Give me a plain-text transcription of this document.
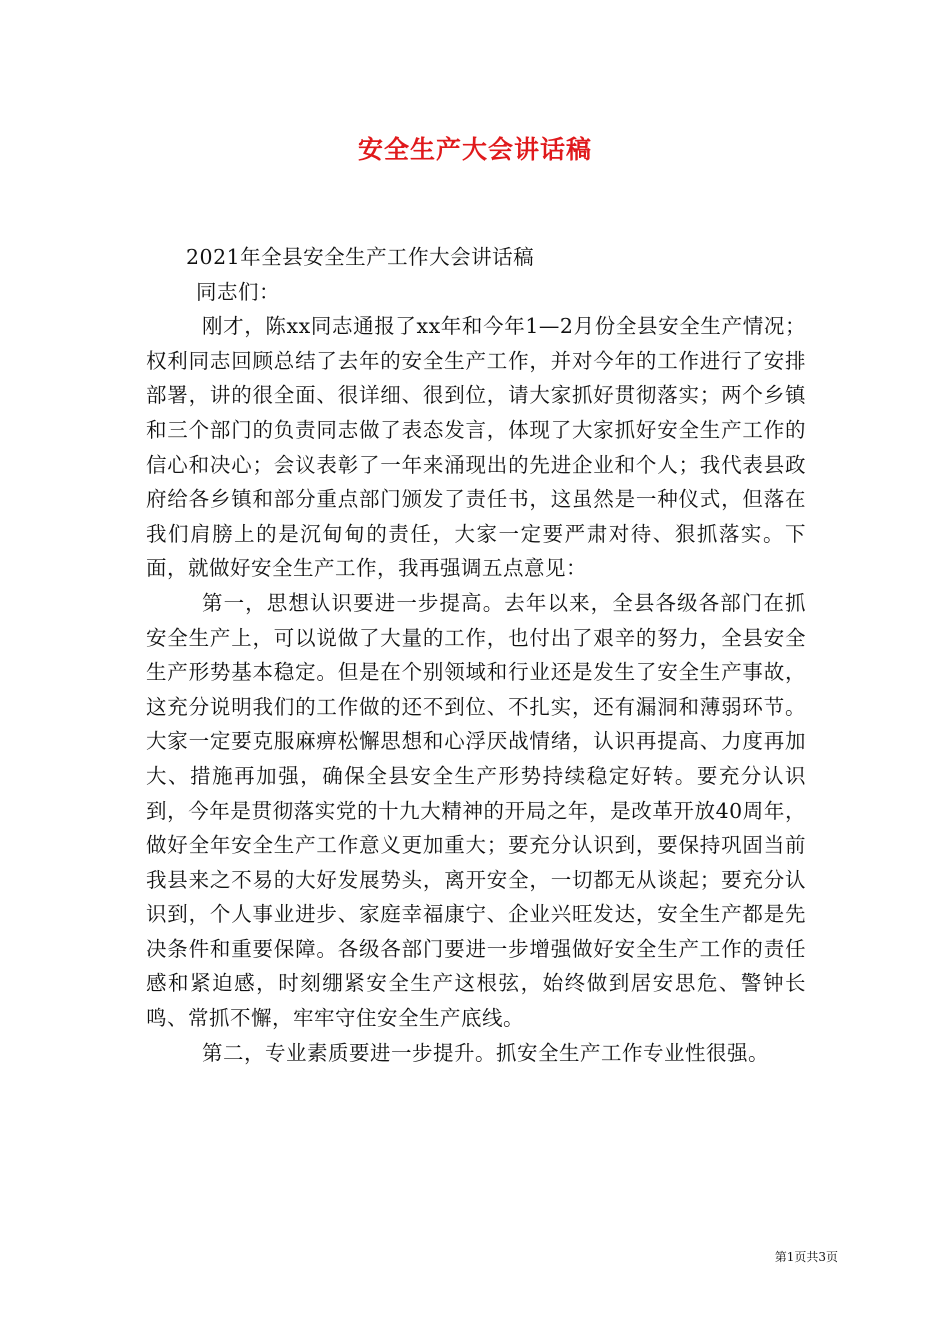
安全生产大会讲话稿

2021年全县安全生产工作大会讲话稿

同志们：

刚才，陈xx同志通报了xx年和今年1—2月份全县安全生产情况；权利同志回顾总结了去年的安全生产工作，并对今年的工作进行了安排部署，讲的很全面、很详细、很到位，请大家抓好贯彻落实；两个乡镇和三个部门的负责同志做了表态发言，体现了大家抓好安全生产工作的信心和决心；会议表彰了一年来涌现出的先进企业和个人；我代表县政府给各乡镇和部分重点部门颁发了责任书，这虽然是一种仪式，但落在我们肩膀上的是沉甸甸的责任，大家一定要严肃对待、狠抓落实。下面，就做好安全生产工作，我再强调五点意见：

第一，思想认识要进一步提高。去年以来，全县各级各部门在抓安全生产上，可以说做了大量的工作，也付出了艰辛的努力，全县安全生产形势基本稳定。但是在个别领域和行业还是发生了安全生产事故，这充分说明我们的工作做的还不到位、不扎实，还有漏洞和薄弱环节。大家一定要克服麻痹松懈思想和心浮厌战情绪，认识再提高、力度再加大、措施再加强，确保全县安全生产形势持续稳定好转。要充分认识到，今年是贯彻落实党的十九大精神的开局之年，是改革开放40周年，做好全年安全生产工作意义更加重大；要充分认识到，要保持巩固当前我县来之不易的大好发展势头，离开安全，一切都无从谈起；要充分认识到，个人事业进步、家庭幸福康宁、企业兴旺发达，安全生产都是先决条件和重要保障。各级各部门要进一步增强做好安全生产工作的责任感和紧迫感，时刻绷紧安全生产这根弦，始终做到居安思危、警钟长鸣、常抓不懈，牢牢守住安全生产底线。

第二，专业素质要进一步提升。抓安全生产工作专业性很强。

第1页共3页
